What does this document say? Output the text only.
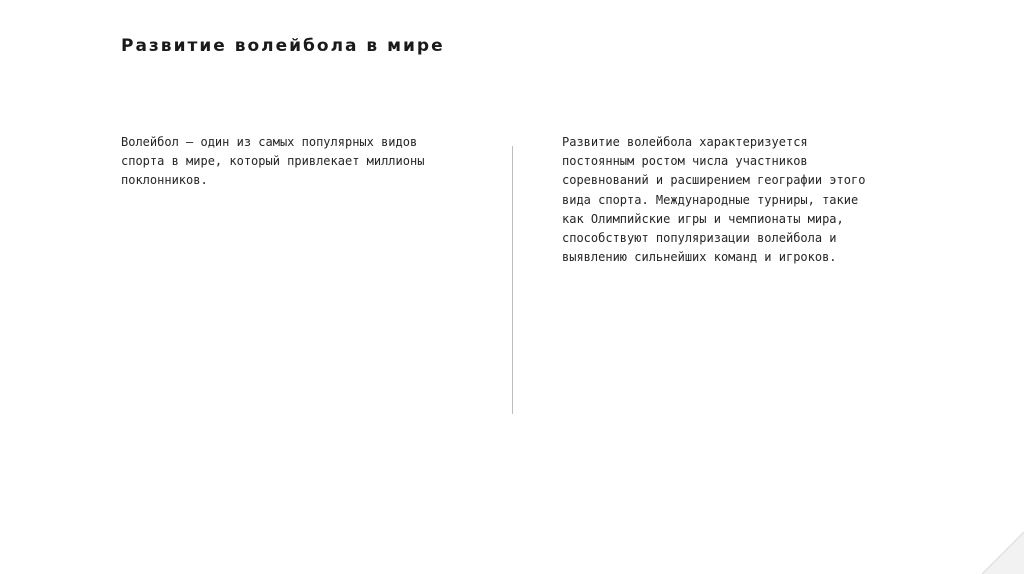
Развитие волейбола в мире

Волейбол — один из самых популярных видов
спорта в мире, который привлекает миллионы
поклонников.

Развитие волейбола характеризуется
постоянным ростом числа участников
соревнований и расширением географии этого
вида спорта. Международные турниры, такие
как Олимпийские игры и чемпионаты мира,
способствуют популяризации волейбола и
выявлению сильнейших команд и игроков.
